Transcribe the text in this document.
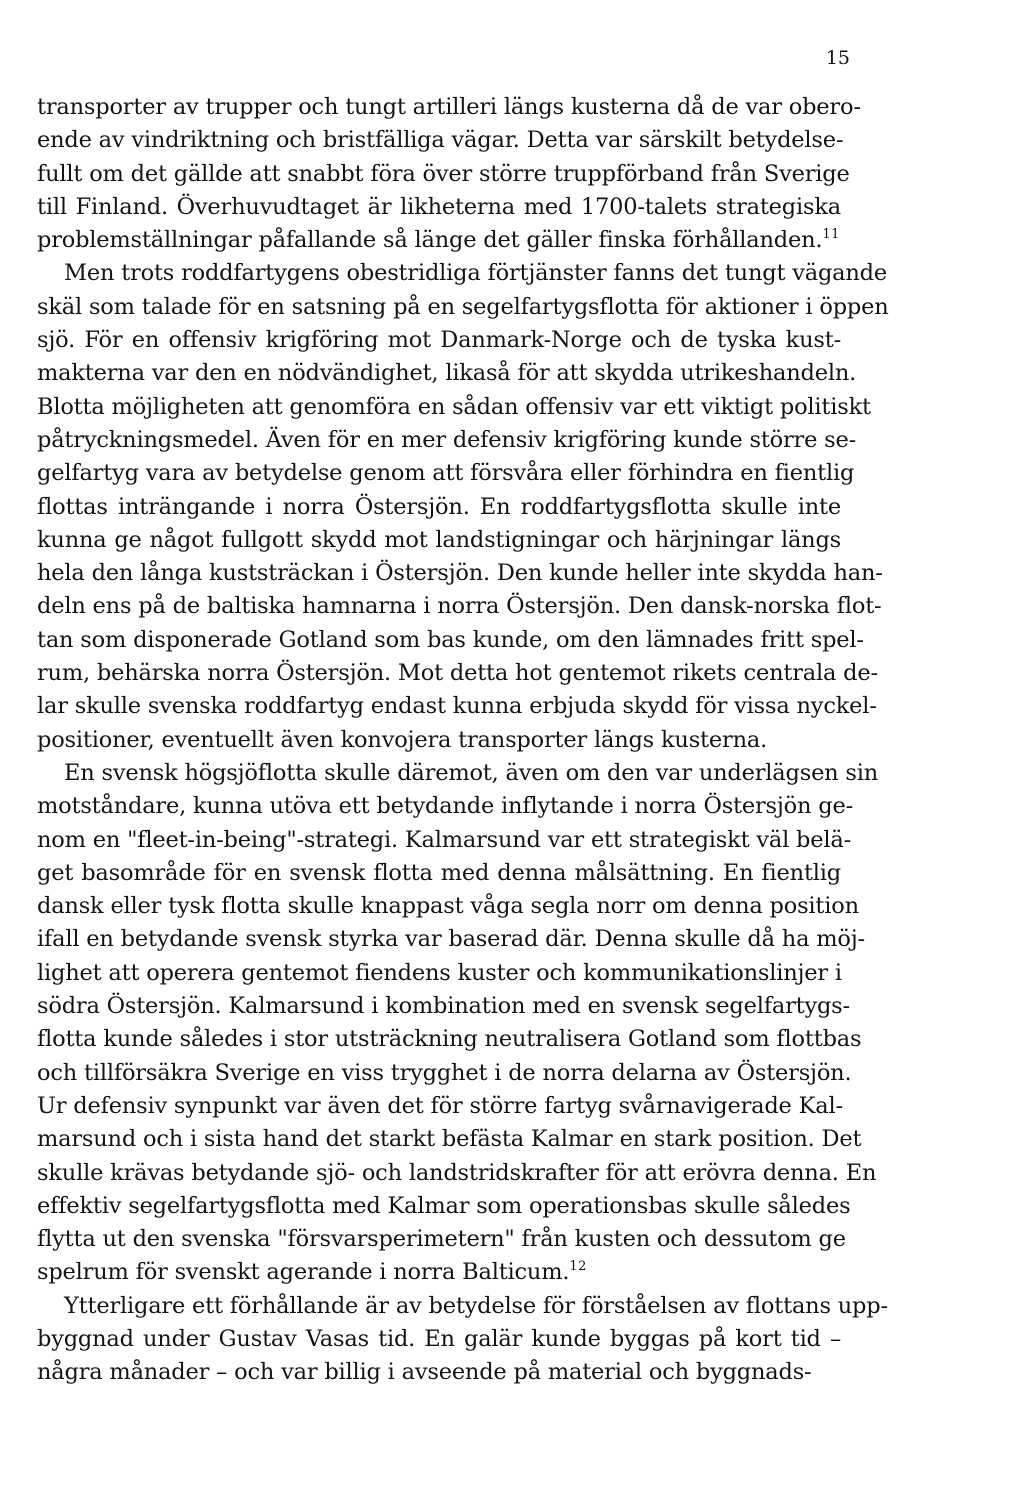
15
transporter av trupper och tungt artilleri längs kusterna då de var obero-
ende av vindriktning och bristfälliga vägar. Detta var särskilt betydelse-
fullt om det gällde att snabbt föra över större truppförband från Sverige
till Finland. Överhuvudtaget är likheterna med 1700-talets strategiska
problemställningar påfallande så länge det gäller finska förhållanden.$^{11}$
Men trots roddfartygens obestridliga förtjänster fanns det tungt vägande
skäl som talade för en satsning på en segelfartygsflotta för aktioner i öppen
sjö. För en offensiv krigföring mot Danmark-Norge och de tyska kust-
makterna var den en nödvändighet, likaså för att skydda utrikeshandeln.
Blotta möjligheten att genomföra en sådan offensiv var ett viktigt politiskt
påtryckningsmedel. Även för en mer defensiv krigföring kunde större se-
gelfartyg vara av betydelse genom att försvåra eller förhindra en fientlig
flottas inträngande i norra Östersjön. En roddfartygsflotta skulle inte
kunna ge något fullgott skydd mot landstigningar och härjningar längs
hela den långa kuststräckan i Östersjön. Den kunde heller inte skydda han-
deln ens på de baltiska hamnarna i norra Östersjön. Den dansk-norska flot-
tan som disponerade Gotland som bas kunde, om den lämnades fritt spel-
rum, behärska norra Östersjön. Mot detta hot gentemot rikets centrala de-
lar skulle svenska roddfartyg endast kunna erbjuda skydd för vissa nyckel-
positioner, eventuellt även konvojera transporter längs kusterna.
En svensk högsjöflotta skulle däremot, även om den var underlägsen sin
motståndare, kunna utöva ett betydande inflytande i norra Östersjön ge-
nom en "fleet-in-being"-strategi. Kalmarsund var ett strategiskt väl belä-
get basområde för en svensk flotta med denna målsättning. En fientlig
dansk eller tysk flotta skulle knappast våga segla norr om denna position
ifall en betydande svensk styrka var baserad där. Denna skulle då ha möj-
lighet att operera gentemot fiendens kuster och kommunikationslinjer i
södra Östersjön. Kalmarsund i kombination med en svensk segelfartygs-
flotta kunde således i stor utsträckning neutralisera Gotland som flottbas
och tillförsäkra Sverige en viss trygghet i de norra delarna av Östersjön.
Ur defensiv synpunkt var även det för större fartyg svårnavigerade Kal-
marsund och i sista hand det starkt befästa Kalmar en stark position. Det
skulle krävas betydande sjö- och landstridskrafter för att erövra denna. En
effektiv segelfartygsflotta med Kalmar som operationsbas skulle således
flytta ut den svenska "försvarsperimetern" från kusten och dessutom ge
spelrum för svenskt agerande i norra Balticum.$^{12}$
Ytterligare ett förhållande är av betydelse för förståelsen av flottans upp-
byggnad under Gustav Vasas tid. En galär kunde byggas på kort tid –
några månader – och var billig i avseende på material och byggnads-
